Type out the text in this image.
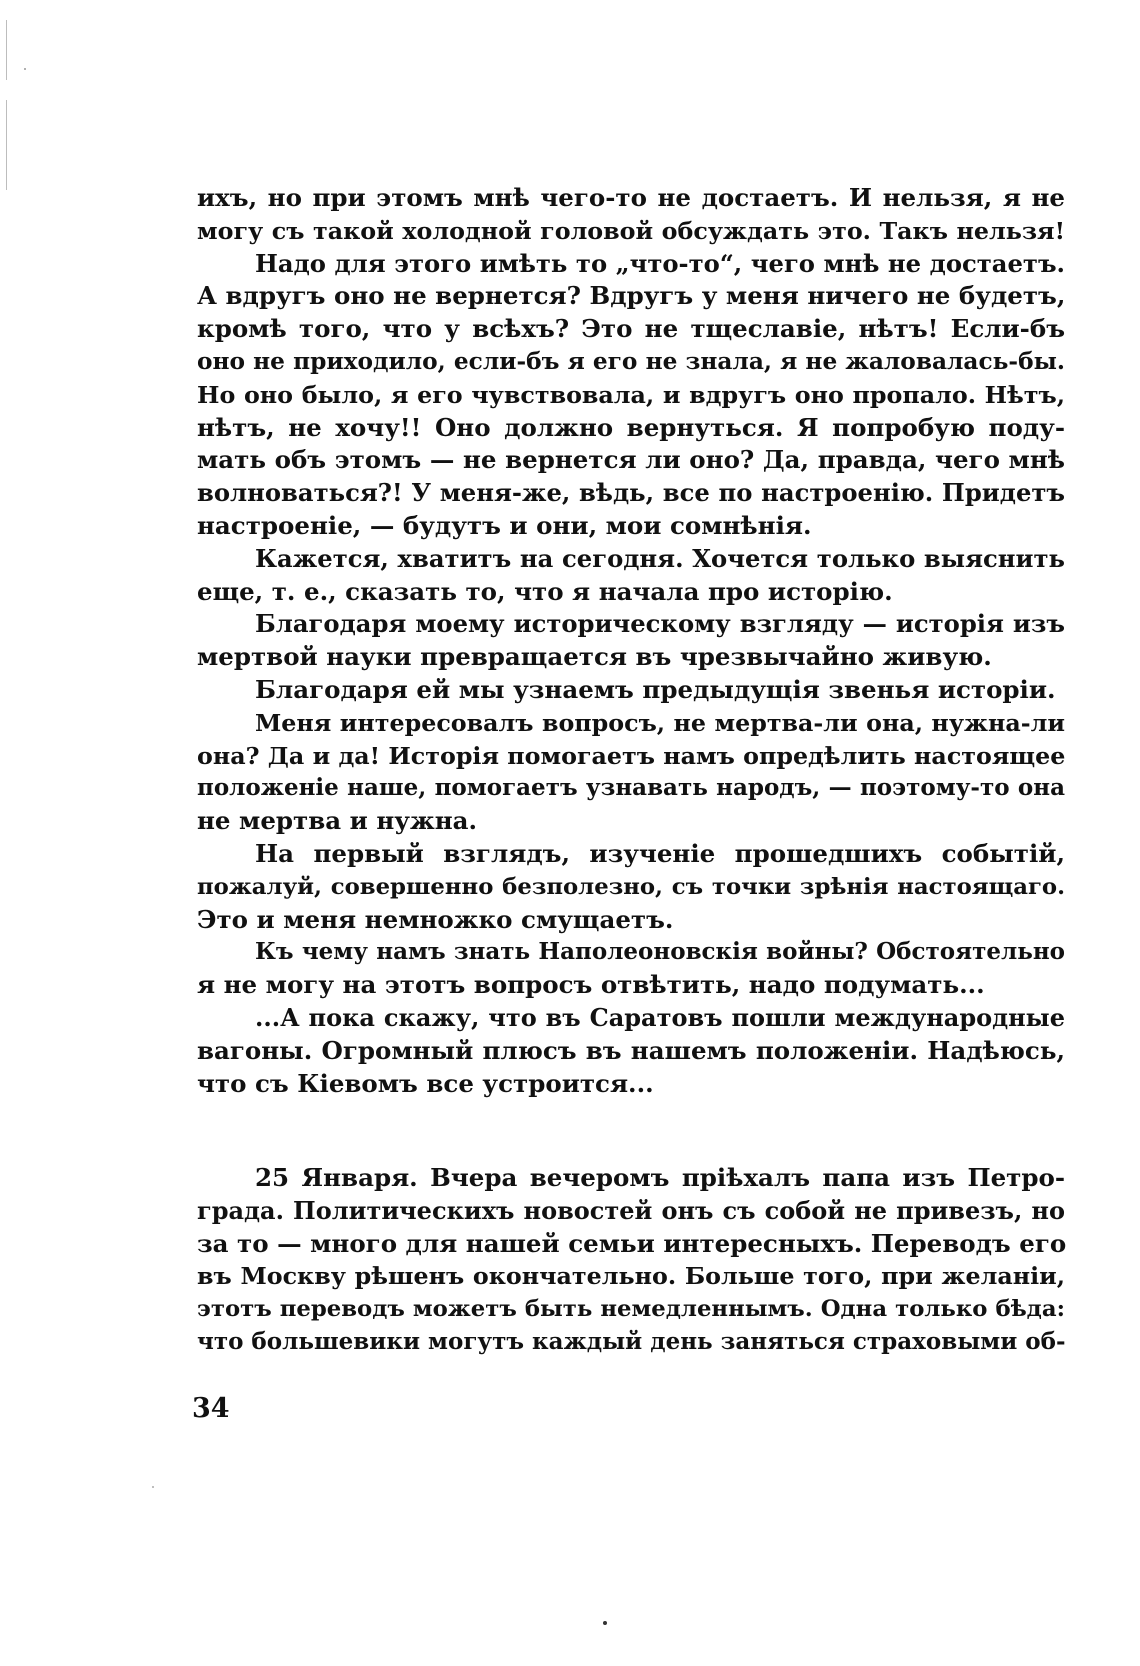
ихъ, но при этомъ мнѣ чего-то не достаетъ. И нельзя, я не
могу съ такой холодной головой обсуждать это. Такъ нельзя!
Надо для этого имѣть то „что-то“, чего мнѣ не достаетъ.
А вдругъ оно не вернется? Вдругъ у меня ничего не будетъ,
кромѣ того, что у всѣхъ? Это не тщеславіе, нѣтъ! Если-бъ
оно не приходило, если-бъ я его не знала, я не жаловалась-бы.
Но оно было, я его чувствовала, и вдругъ оно пропало. Нѣтъ,
нѣтъ, не хочу!! Оно должно вернуться. Я попробую поду-
мать объ этомъ — не вернется ли оно? Да, правда, чего мнѣ
волноваться?! У меня-же, вѣдь, все по настроенію. Придетъ
настроеніе, — будутъ и они, мои сомнѣнія.
Кажется, хватитъ на сегодня. Хочется только выяснить
еще, т. е., сказать то, что я начала про исторію.
Благодаря моему историческому взгляду — исторія изъ
мертвой науки превращается въ чрезвычайно живую.
Благодаря ей мы узнаемъ предыдущія звенья исторіи.
Меня интересовалъ вопросъ, не мертва-ли она, нужна-ли
она? Да и да! Исторія помогаетъ намъ опредѣлить настоящее
положеніе наше, помогаетъ узнавать народъ, — поэтому-то она
не мертва и нужна.
На первый взглядъ, изученіе прошедшихъ событій,
пожалуй, совершенно безполезно, съ точки зрѣнія настоящаго.
Это и меня немножко смущаетъ.
Къ чему намъ знать Наполеоновскія войны? Обстоятельно
я не могу на этотъ вопросъ отвѣтить, надо подумать...
...А пока скажу, что въ Саратовъ пошли международные
вагоны. Огромный плюсъ въ нашемъ положеніи. Надѣюсь,
что съ Кіевомъ все устроится...
25 Января. Вчера вечеромъ пріѣхалъ папа изъ Петро-
града. Политическихъ новостей онъ съ собой не привезъ, но
за то — много для нашей семьи интересныхъ. Переводъ его
въ Москву рѣшенъ окончательно. Больше того, при желаніи,
этотъ переводъ можетъ быть немедленнымъ. Одна только бѣда:
что большевики могутъ каждый день заняться страховыми об-
34
